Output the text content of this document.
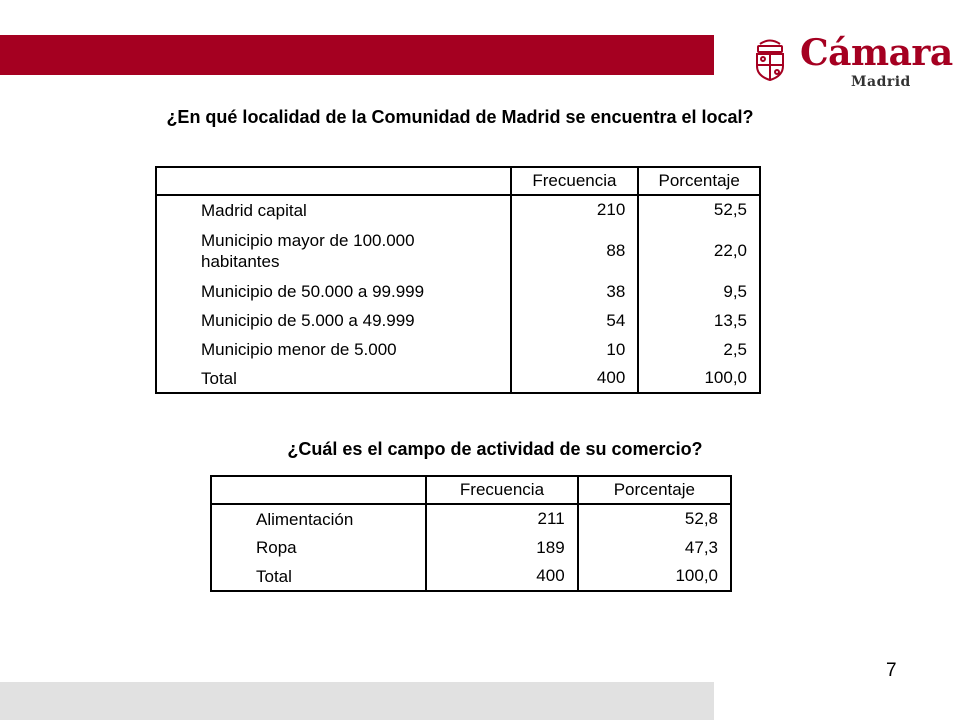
Cámara
Madrid
¿En qué localidad de la Comunidad de Madrid se encuentra el local?
	Frecuencia	Porcentaje
Madrid capital	210	52,5
Municipio mayor de 100.000 habitantes	88	22,0
Municipio de 50.000 a 99.999	38	9,5
Municipio de 5.000 a 49.999	54	13,5
Municipio menor de 5.000	10	2,5
Total	400	100,0
¿Cuál es el campo de actividad de su comercio?
	Frecuencia	Porcentaje
Alimentación	211	52,8
Ropa	189	47,3
Total	400	100,0
7
